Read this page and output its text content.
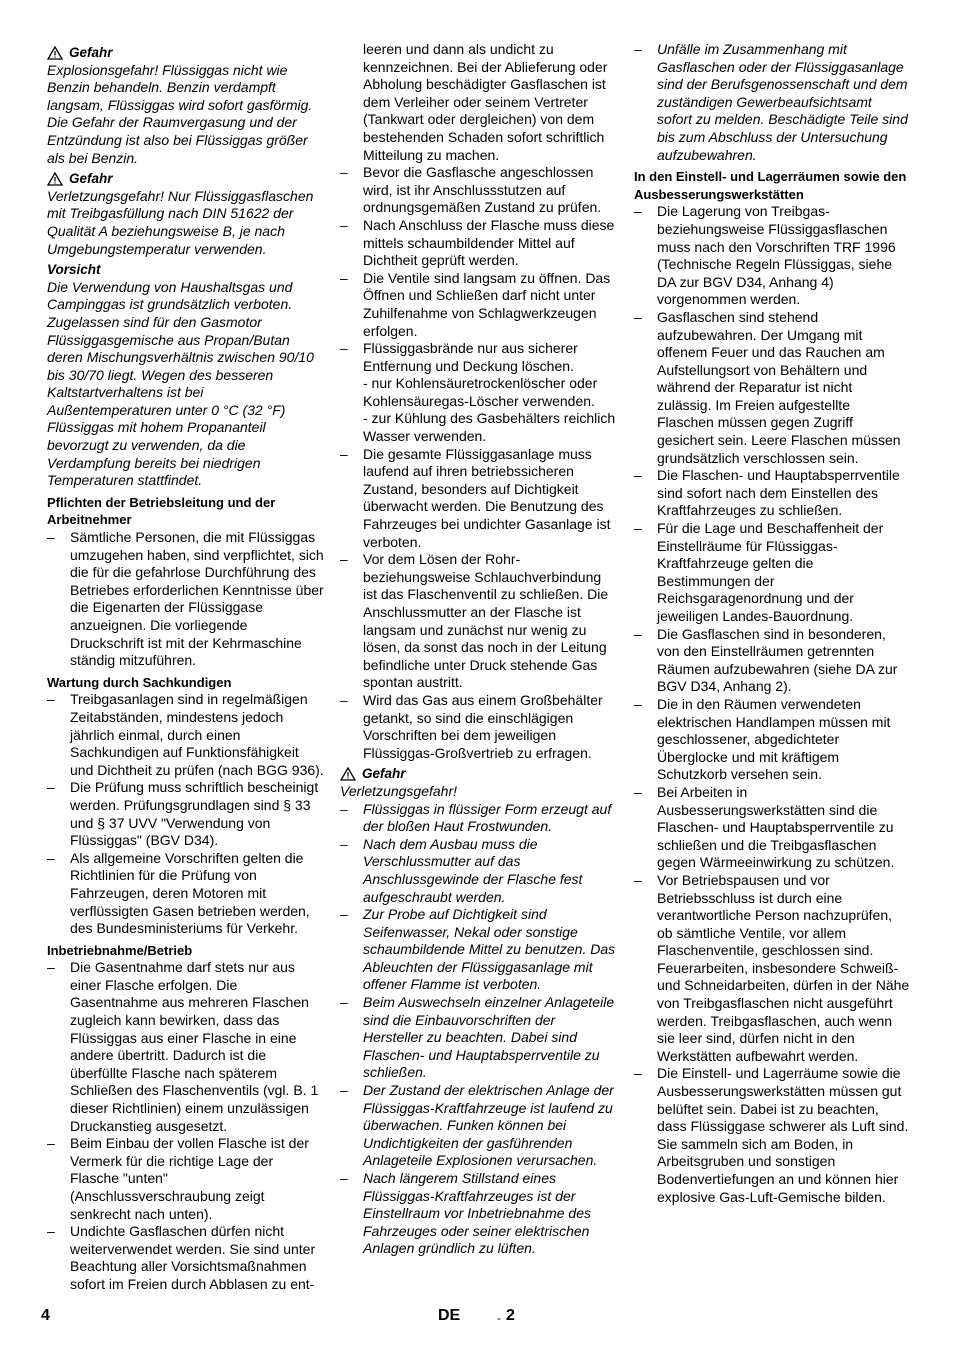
Gefahr

Explosionsgefahr! Flüssiggas nicht wie Benzin behandeln. Benzin verdampft langsam, Flüssiggas wird sofort gasförmig. Die Gefahr der Raumvergasung und der Entzündung ist also bei Flüssiggas größer als bei Benzin.

Gefahr

Verletzungsgefahr! Nur Flüssiggasflaschen mit Treibgasfüllung nach DIN 51622 der Qualität A beziehungsweise B, je nach Umgebungstemperatur verwenden.

Vorsicht

Die Verwendung von Haushaltsgas und Campinggas ist grundsätzlich verboten. Zugelassen sind für den Gasmotor Flüssiggasgemische aus Propan/Butan deren Mischungsverhältnis zwischen 90/10 bis 30/70 liegt. Wegen des besseren Kaltstartverhaltens ist bei Außentemperaturen unter 0 °C (32 °F) Flüssiggas mit hohem Propananteil bevorzugt zu verwenden, da die Verdampfung bereits bei niedrigen Temperaturen stattfindet.

Pflichten der Betriebsleitung und der Arbeitnehmer
– Sämtliche Personen, die mit Flüssiggas umzugehen haben, sind verpflichtet, sich die für die gefahrlose Durchführung des Betriebes erforderlichen Kenntnisse über die Eigenarten der Flüssiggase anzueignen. Die vorliegende Druckschrift ist mit der Kehrmaschine ständig mitzuführen.

Wartung durch Sachkundigen
– Treibgasanlagen sind in regelmäßigen Zeitabständen, mindestens jedoch jährlich einmal, durch einen Sachkundigen auf Funktionsfähigkeit und Dichtheit zu prüfen (nach BGG 936).

– Die Prüfung muss schriftlich bescheinigt werden. Prüfungsgrundlagen sind § 33 und § 37 UVV "Verwendung von Flüssiggas" (BGV D34).

– Als allgemeine Vorschriften gelten die Richtlinien für die Prüfung von Fahrzeugen, deren Motoren mit verflüssigten Gasen betrieben werden, des Bundesministeriums für Verkehr.

Inbetriebnahme/Betrieb
– Die Gasentnahme darf stets nur aus einer Flasche erfolgen. Die Gasentnahme aus mehreren Flaschen zugleich kann bewirken, dass das Flüssiggas aus einer Flasche in eine andere übertritt. Dadurch ist die überfüllte Flasche nach späterem Schließen des Flaschenventils (vgl. B. 1 dieser Richtlinien) einem unzulässigen Druckanstieg ausgesetzt.

– Beim Einbau der vollen Flasche ist der Vermerk für die richtige Lage der Flasche "unten" (Anschlussverschraubung zeigt senkrecht nach unten).

– Undichte Gasflaschen dürfen nicht weiterverwendet werden. Sie sind unter Beachtung aller Vorsichtsmaßnahmen sofort im Freien durch Abblasen zu ent-

leeren und dann als undicht zu kennzeichnen. Bei der Ablieferung oder Abholung beschädigter Gasflaschen ist dem Verleiher oder seinem Vertreter (Tankwart oder dergleichen) von dem bestehenden Schaden sofort schriftlich Mitteilung zu machen.

– Bevor die Gasflasche angeschlossen wird, ist ihr Anschlussstutzen auf ordnungsgemäßen Zustand zu prüfen.

– Nach Anschluss der Flasche muss diese mittels schaumbildender Mittel auf Dichtheit geprüft werden.

– Die Ventile sind langsam zu öffnen. Das Öffnen und Schließen darf nicht unter Zuhilfenahme von Schlagwerkzeugen erfolgen.

– Flüssiggasbrände nur aus sicherer Entfernung und Deckung löschen.

- nur Kohlensäuretrockenlöscher oder Kohlensäuregas-Löscher verwenden.

- zur Kühlung des Gasbehälters reichlich Wasser verwenden.

– Die gesamte Flüssiggasanlage muss laufend auf ihren betriebssicheren Zustand, besonders auf Dichtigkeit überwacht werden. Die Benutzung des Fahrzeuges bei undichter Gasanlage ist verboten.

– Vor dem Lösen der Rohr- beziehungsweise Schlauchverbindung ist das Flaschenventil zu schließen. Die Anschlussmutter an der Flasche ist langsam und zunächst nur wenig zu lösen, da sonst das noch in der Leitung befindliche unter Druck stehende Gas spontan austritt.

– Wird das Gas aus einem Großbehälter getankt, so sind die einschlägigen Vorschriften bei dem jeweiligen Flüssiggas-Großvertrieb zu erfragen.

Gefahr

Verletzungsgefahr!

– Flüssiggas in flüssiger Form erzeugt auf der bloßen Haut Frostwunden.

– Nach dem Ausbau muss die Verschlussmutter auf das Anschlussgewinde der Flasche fest aufgeschraubt werden.

– Zur Probe auf Dichtigkeit sind Seifenwasser, Nekal oder sonstige schaumbildende Mittel zu benutzen. Das Ableuchten der Flüssiggasanlage mit offener Flamme ist verboten.

– Beim Auswechseln einzelner Anlageteile sind die Einbauvorschriften der Hersteller zu beachten. Dabei sind Flaschen- und Hauptabsperrventile zu schließen.

– Der Zustand der elektrischen Anlage der Flüssiggas-Kraftfahrzeuge ist laufend zu überwachen. Funken können bei Undichtigkeiten der gasführenden Anlageteile Explosionen verursachen.

– Nach längerem Stillstand eines Flüssiggas-Kraftfahrzeuges ist der Einstellraum vor Inbetriebnahme des Fahrzeuges oder seiner elektrischen Anlagen gründlich zu lüften.

– Unfälle im Zusammenhang mit Gasflaschen oder der Flüssiggasanlage sind der Berufsgenossenschaft und dem zuständigen Gewerbeaufsichtsamt sofort zu melden. Beschädigte Teile sind bis zum Abschluss der Untersuchung aufzubewahren.

In den Einstell- und Lagerräumen sowie den Ausbesserungswerkstätten
– Die Lagerung von Treibgas- beziehungsweise Flüssiggasflaschen muss nach den Vorschriften TRF 1996 (Technische Regeln Flüssiggas, siehe DA zur BGV D34, Anhang 4) vorgenommen werden.

– Gasflaschen sind stehend aufzubewahren. Der Umgang mit offenem Feuer und das Rauchen am Aufstellungsort von Behältern und während der Reparatur ist nicht zulässig. Im Freien aufgestellte Flaschen müssen gegen Zugriff gesichert sein. Leere Flaschen müssen grundsätzlich verschlossen sein.

– Die Flaschen- und Hauptabsperrventile sind sofort nach dem Einstellen des Kraftfahrzeuges zu schließen.

– Für die Lage und Beschaffenheit der Einstellräume für Flüssiggas-Kraftfahrzeuge gelten die Bestimmungen der Reichsgaragenordnung und der jeweiligen Landes-Bauordnung.

– Die Gasflaschen sind in besonderen, von den Einstellräumen getrennten Räumen aufzubewahren (siehe DA zur BGV D34, Anhang 2).

– Die in den Räumen verwendeten elektrischen Handlampen müssen mit geschlossener, abgedichteter Überglocke und mit kräftigem Schutzkorb versehen sein.

– Bei Arbeiten in Ausbesserungswerkstätten sind die Flaschen- und Hauptabsperrventile zu schließen und die Treibgasflaschen gegen Wärmeeinwirkung zu schützen.

– Vor Betriebspausen und vor Betriebsschluss ist durch eine verantwortliche Person nachzuprüfen, ob sämtliche Ventile, vor allem Flaschenventile, geschlossen sind. Feuerarbeiten, insbesondere Schweiß- und Schneidarbeiten, dürfen in der Nähe von Treibgasflaschen nicht ausgeführt werden. Treibgasflaschen, auch wenn sie leer sind, dürfen nicht in den Werkstätten aufbewahrt werden.

– Die Einstell- und Lagerräume sowie die Ausbesserungswerkstätten müssen gut belüftet sein. Dabei ist zu beachten, dass Flüssiggase schwerer als Luft sind. Sie sammeln sich am Boden, in Arbeitsgruben und sonstigen Bodenvertiefungen an und können hier explosive Gas-Luft-Gemische bilden.

4	DE	- 2
